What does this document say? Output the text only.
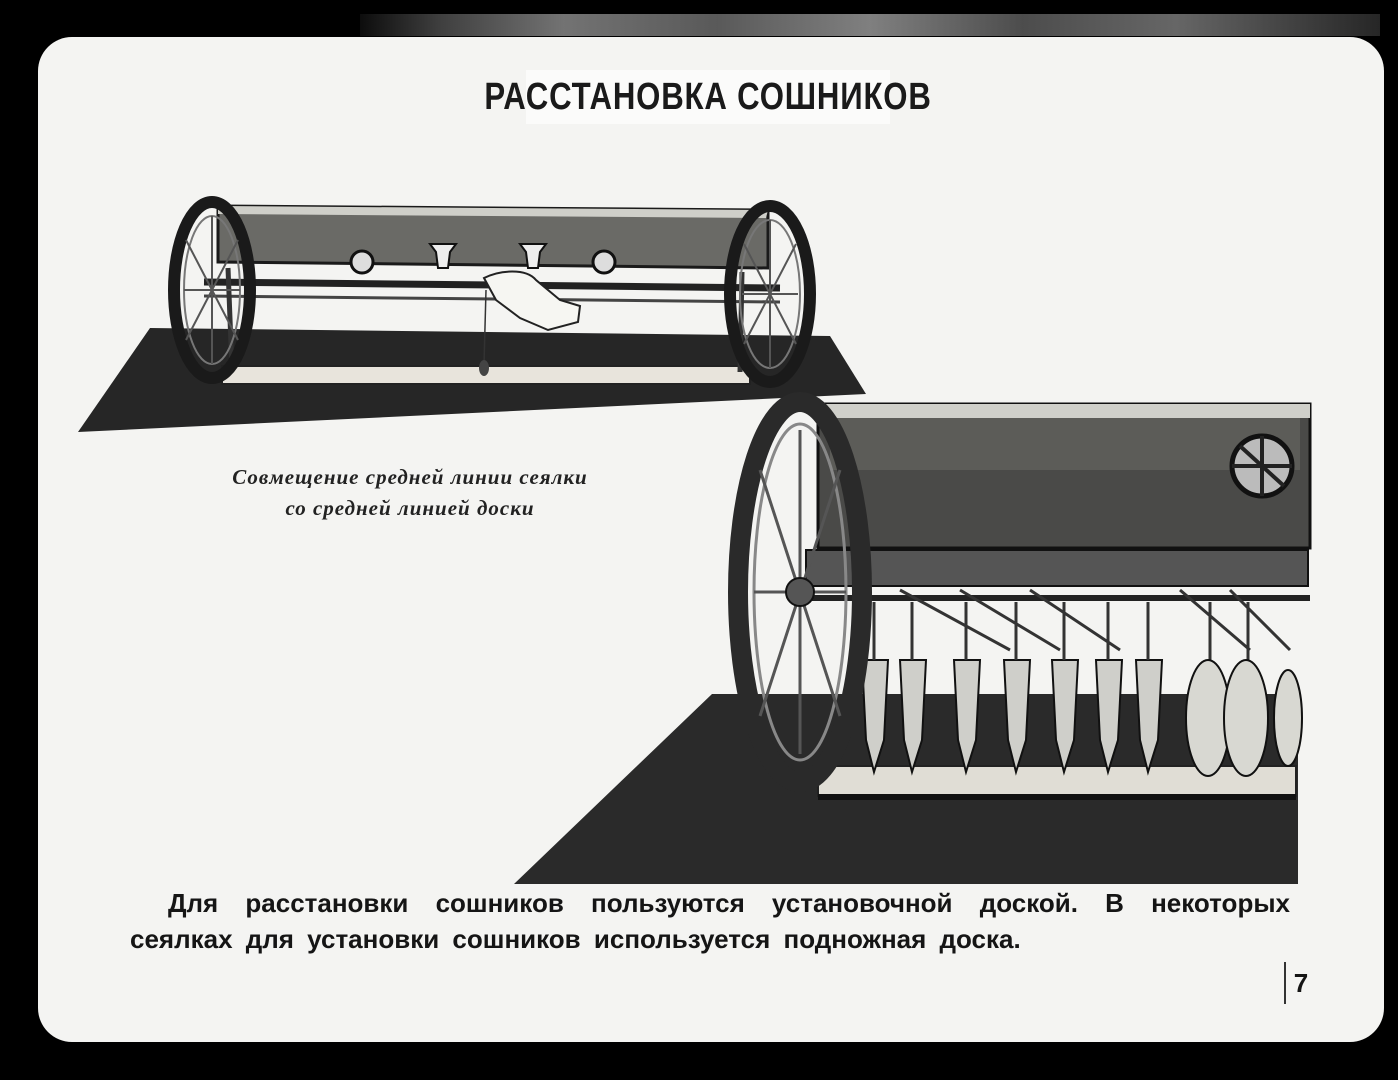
РАССТАНОВКА СОШНИКОВ
Совмещение средней линии сеялки
со средней линией доски
Для расстановки сошников пользуются установочной доской. В некоторых
сеялках для установки сошников используется подножная доска.
7
